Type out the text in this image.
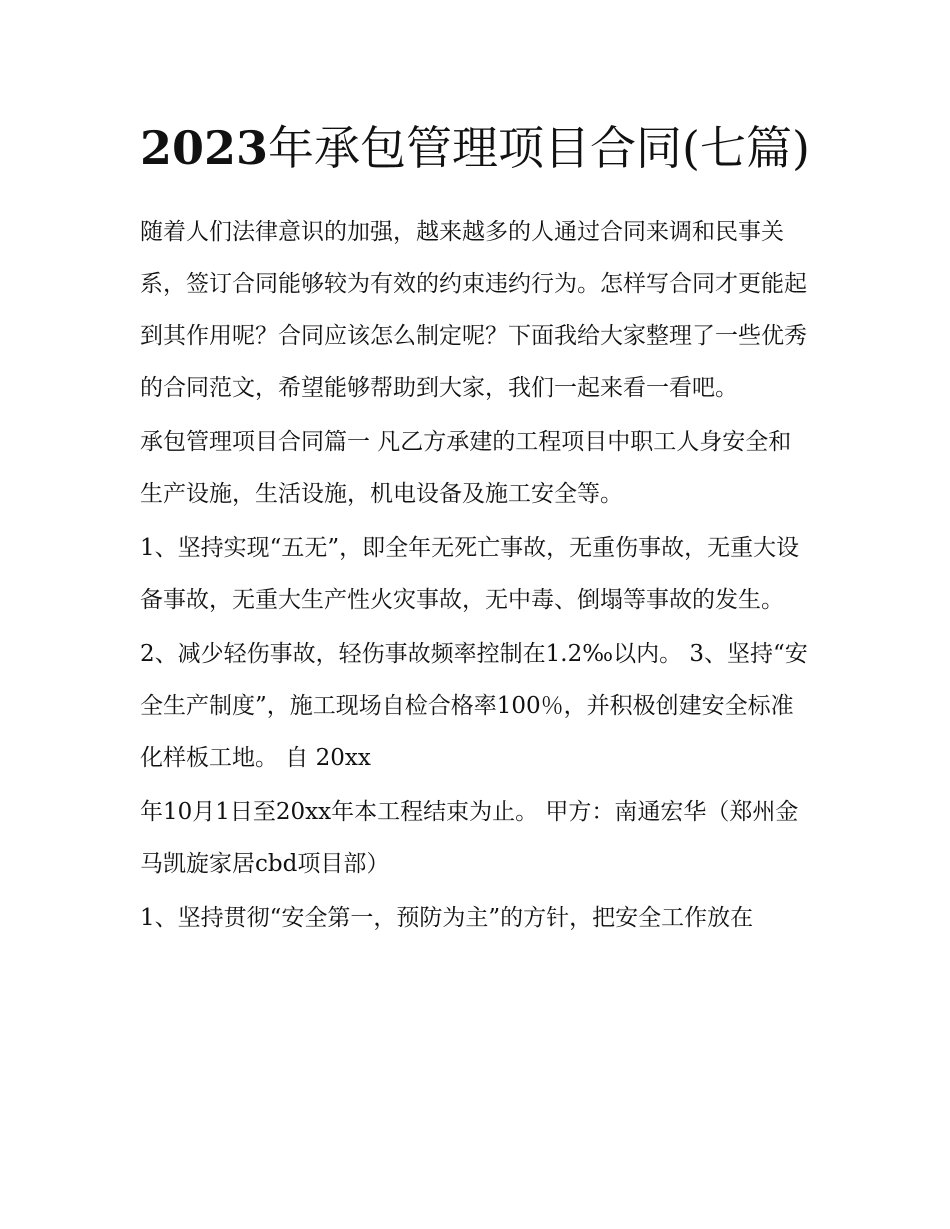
2023年承包管理项目合同(七篇)

随着人们法律意识的加强，越来越多的人通过合同来调和民事关系，签订合同能够较为有效的约束违约行为。怎样写合同才更能起到其作用呢？合同应该怎么制定呢？下面我给大家整理了一些优秀的合同范文，希望能够帮助到大家，我们一起来看一看吧。

承包管理项目合同篇一 凡乙方承建的工程项目中职工人身安全和生产设施，生活设施，机电设备及施工安全等。

1、坚持实现“五无”，即全年无死亡事故，无重伤事故，无重大设备事故，无重大生产性火灾事故，无中毒、倒塌等事故的发生。

2、减少轻伤事故，轻伤事故频率控制在1.2‰以内。 3、坚持“安全生产制度”，施工现场自检合格率100％，并积极创建安全标准化样板工地。 自 20xx

年10月1日至20xx年本工程结束为止。 甲方：南通宏华（郑州金马凯旋家居cbd项目部）

1、坚持贯彻“安全第一，预防为主”的方针，把安全工作放在
